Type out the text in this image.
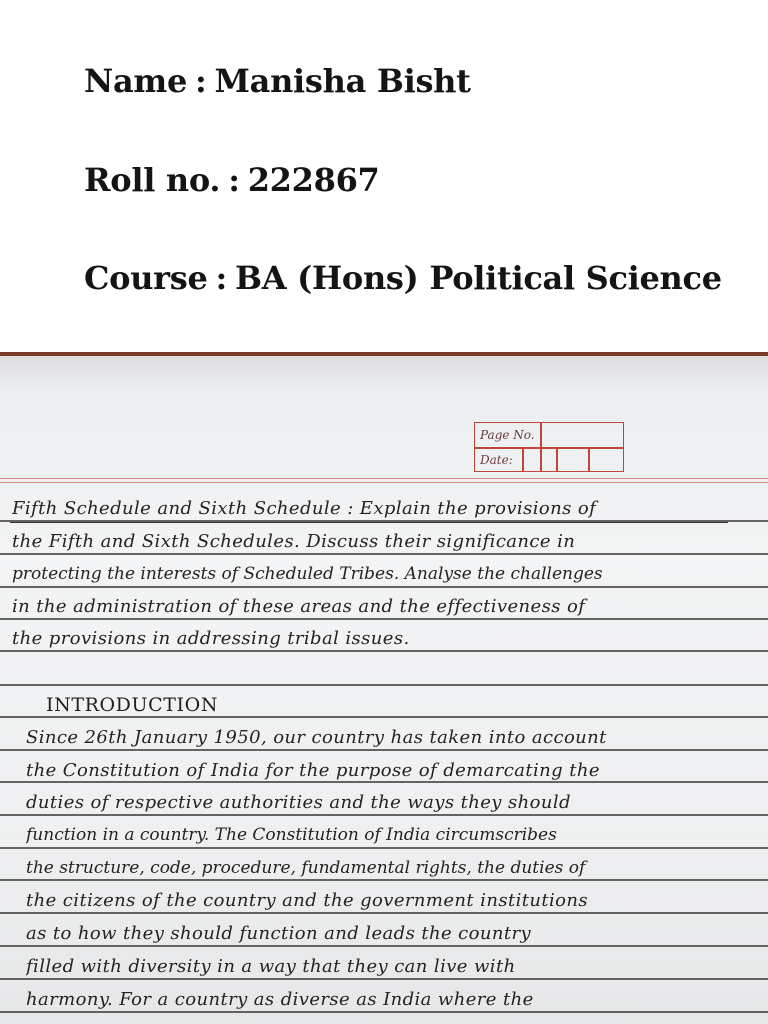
Name : Manisha Bisht
Roll no. : 222867
Course : BA (Hons) Political Science
Page No.
Date:
Fifth Schedule and Sixth Schedule : Explain the provisions of
the Fifth and Sixth Schedules. Discuss their significance in
protecting the interests of Scheduled Tribes. Analyse the challenges
in the administration of these areas and the effectiveness of
the provisions in addressing tribal issues.
INTRODUCTION
Since 26th January 1950, our country has taken into account
the Constitution of India for the purpose of demarcating the
duties of respective authorities and the ways they should
function in a country. The Constitution of India circumscribes
the structure, code, procedure, fundamental rights, the duties of
the citizens of the country and the government institutions
as to how they should function and leads the country
filled with diversity in a way that they can live with
harmony. For a country as diverse as India where the
